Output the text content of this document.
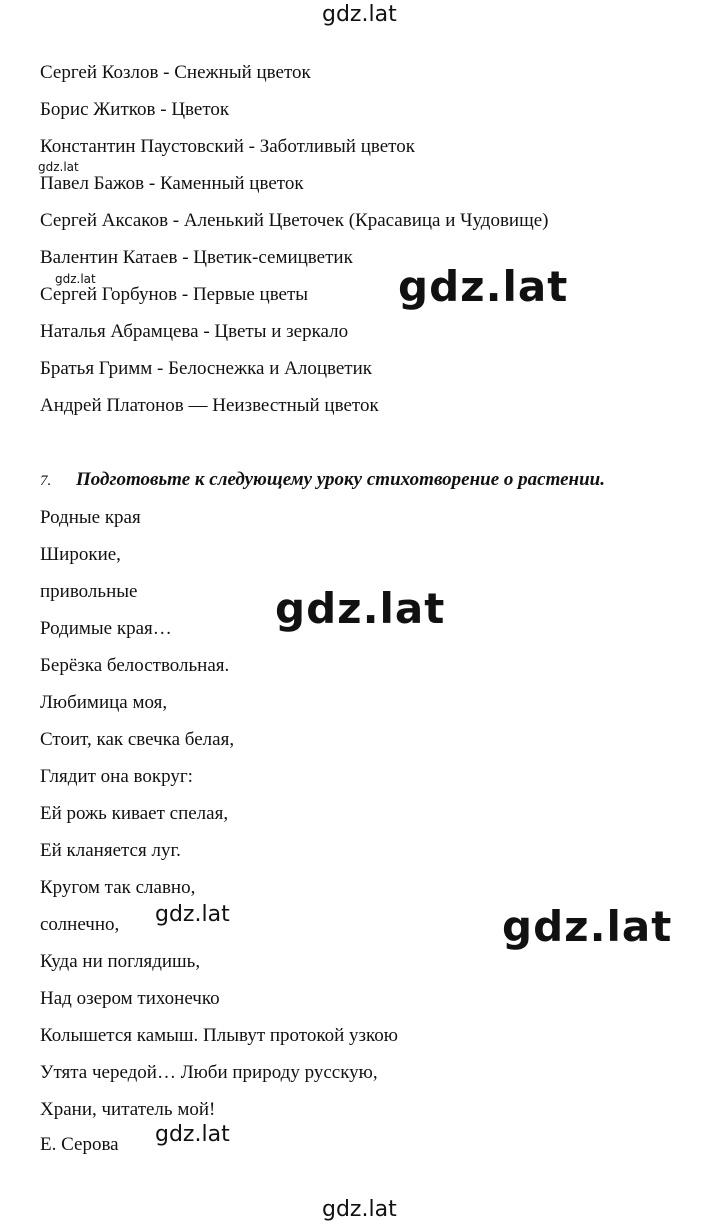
gdz.lat
gdz.lat
gdz.lat	gdz.lat
gdz.lat
gdz.lat
gdz.lat
gdz.lat
gdz.lat
Сергей Козлов - Снежный цветок
Борис Житков - Цветок
Константин Паустовский - Заботливый цветок
Павел Бажов - Каменный цветок
Сергей Аксаков - Аленький Цветочек (Красавица и Чудовище)
Валентин Катаев - Цветик-семицветик
Сергей Горбунов - Первые цветы
Наталья Абрамцева - Цветы и зеркало
Братья Гримм - Белоснежка и Алоцветик
Андрей Платонов — Неизвестный цветок
7. Подготовьте к следующему уроку стихотворение о растении.
Родные края
Широкие,
привольные
Родимые края…
Берёзка белоствольная.
Любимица моя,
Стоит, как свечка белая,
Глядит она вокруг:
Ей рожь кивает спелая,
Ей кланяется луг.
Кругом так славно,
солнечно,
Куда ни поглядишь,
Над озером тихонечко
Колышется камыш. Плывут протокой узкою
Утята чередой… Люби природу русскую,
Храни, читатель мой!
Е. Серова
